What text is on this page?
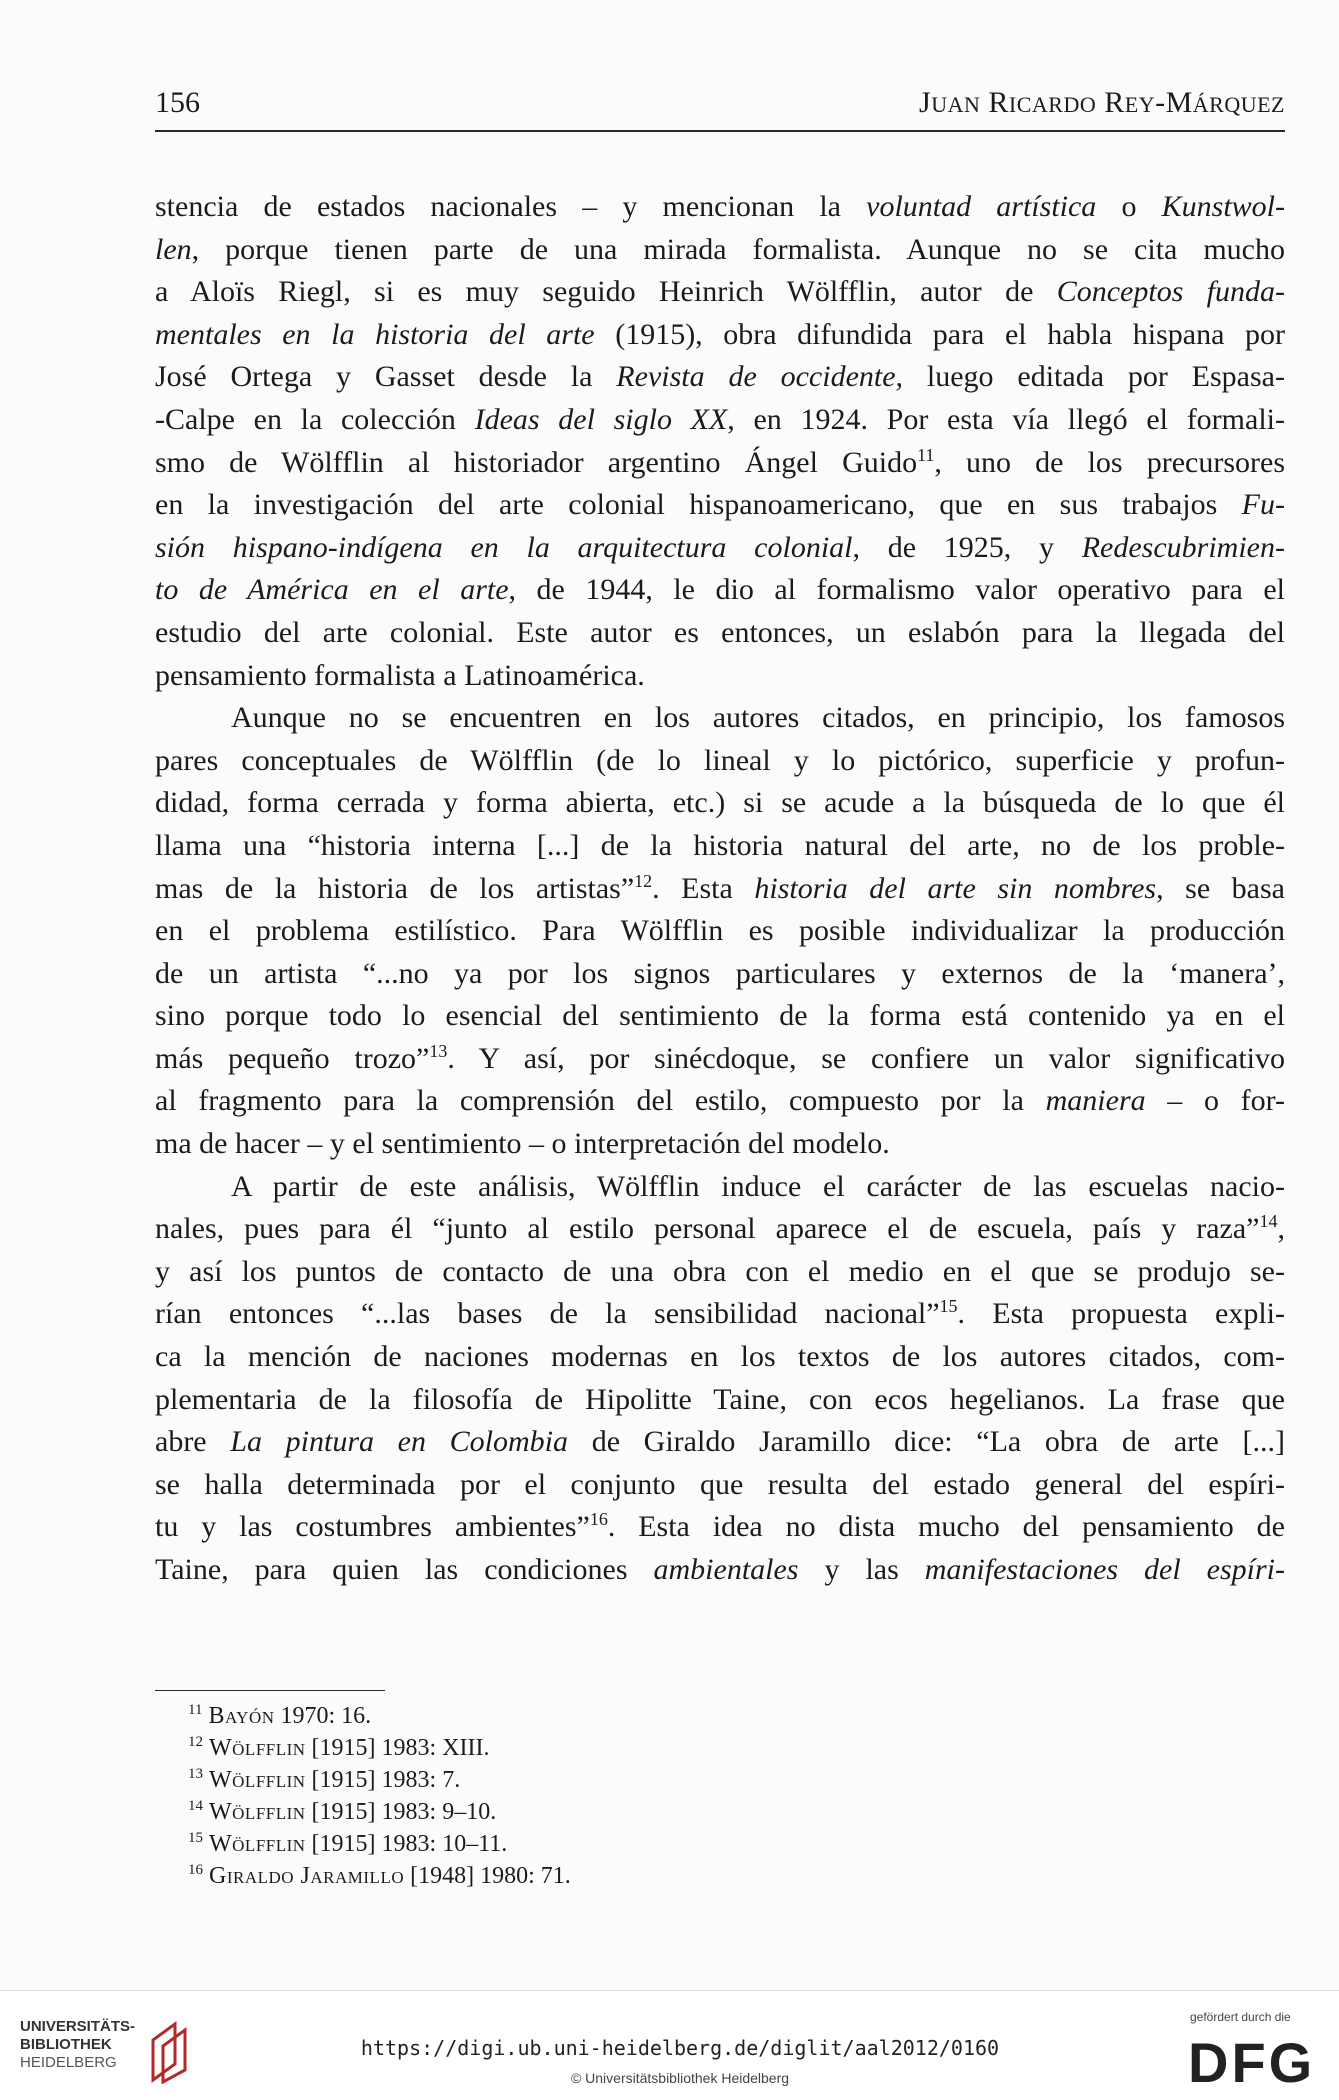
156	JUAN RICARDO REY-MÁRQUEZ
stencia de estados nacionales – y mencionan la voluntad artística o Kunstwol-
len, porque tienen parte de una mirada formalista. Aunque no se cita mucho
a Aloïs Riegl, si es muy seguido Heinrich Wölfflin, autor de Conceptos funda-
mentales en la historia del arte (1915), obra difundida para el habla hispana por
José Ortega y Gasset desde la Revista de occidente, luego editada por Espasa-
-Calpe en la colección Ideas del siglo XX, en 1924. Por esta vía llegó el formali-
smo de Wölfflin al historiador argentino Ángel Guido$^{11}$, uno de los precursores
en la investigación del arte colonial hispanoamericano, que en sus trabajos Fu-
sión hispano-indígena en la arquitectura colonial, de 1925, y Redescubrimien-
to de América en el arte, de 1944, le dio al formalismo valor operativo para el
estudio del arte colonial. Este autor es entonces, un eslabón para la llegada del
pensamiento formalista a Latinoamérica.
Aunque no se encuentren en los autores citados, en principio, los famosos
pares conceptuales de Wölfflin (de lo lineal y lo pictórico, superficie y profun-
didad, forma cerrada y forma abierta, etc.) si se acude a la búsqueda de lo que él
llama una “historia interna [...] de la historia natural del arte, no de los proble-
mas de la historia de los artistas”$^{12}$. Esta historia del arte sin nombres, se basa
en el problema estilístico. Para Wölfflin es posible individualizar la producción
de un artista “...no ya por los signos particulares y externos de la ‘manera’,
sino porque todo lo esencial del sentimiento de la forma está contenido ya en el
más pequeño trozo”$^{13}$. Y así, por sinécdoque, se confiere un valor significativo
al fragmento para la comprensión del estilo, compuesto por la maniera – o for-
ma de hacer – y el sentimiento – o interpretación del modelo.
A partir de este análisis, Wölfflin induce el carácter de las escuelas nacio-
nales, pues para él “junto al estilo personal aparece el de escuela, país y raza”$^{14}$,
y así los puntos de contacto de una obra con el medio en el que se produjo se-
rían entonces “...las bases de la sensibilidad nacional”$^{15}$. Esta propuesta expli-
ca la mención de naciones modernas en los textos de los autores citados, com-
plementaria de la filosofía de Hipolitte Taine, con ecos hegelianos. La frase que
abre La pintura en Colombia de Giraldo Jaramillo dice: “La obra de arte [...]
se halla determinada por el conjunto que resulta del estado general del espíri-
tu y las costumbres ambientes”$^{16}$. Esta idea no dista mucho del pensamiento de
Taine, para quien las condiciones ambientales y las manifestaciones del espíri-
$^{11}$ Bayón 1970: 16.
$^{12}$ Wölfflin [1915] 1983: XIII.
$^{13}$ Wölfflin [1915] 1983: 7.
$^{14}$ Wölfflin [1915] 1983: 9–10.
$^{15}$ Wölfflin [1915] 1983: 10–11.
$^{16}$ Giraldo Jaramillo [1948] 1980: 71.
UNIVERSITÄTS-
BIBLIOTHEK
HEIDELBERG
https://digi.ub.uni-heidelberg.de/diglit/aal2012/0160
© Universitätsbibliothek Heidelberg
gefördert durch die
DFG
